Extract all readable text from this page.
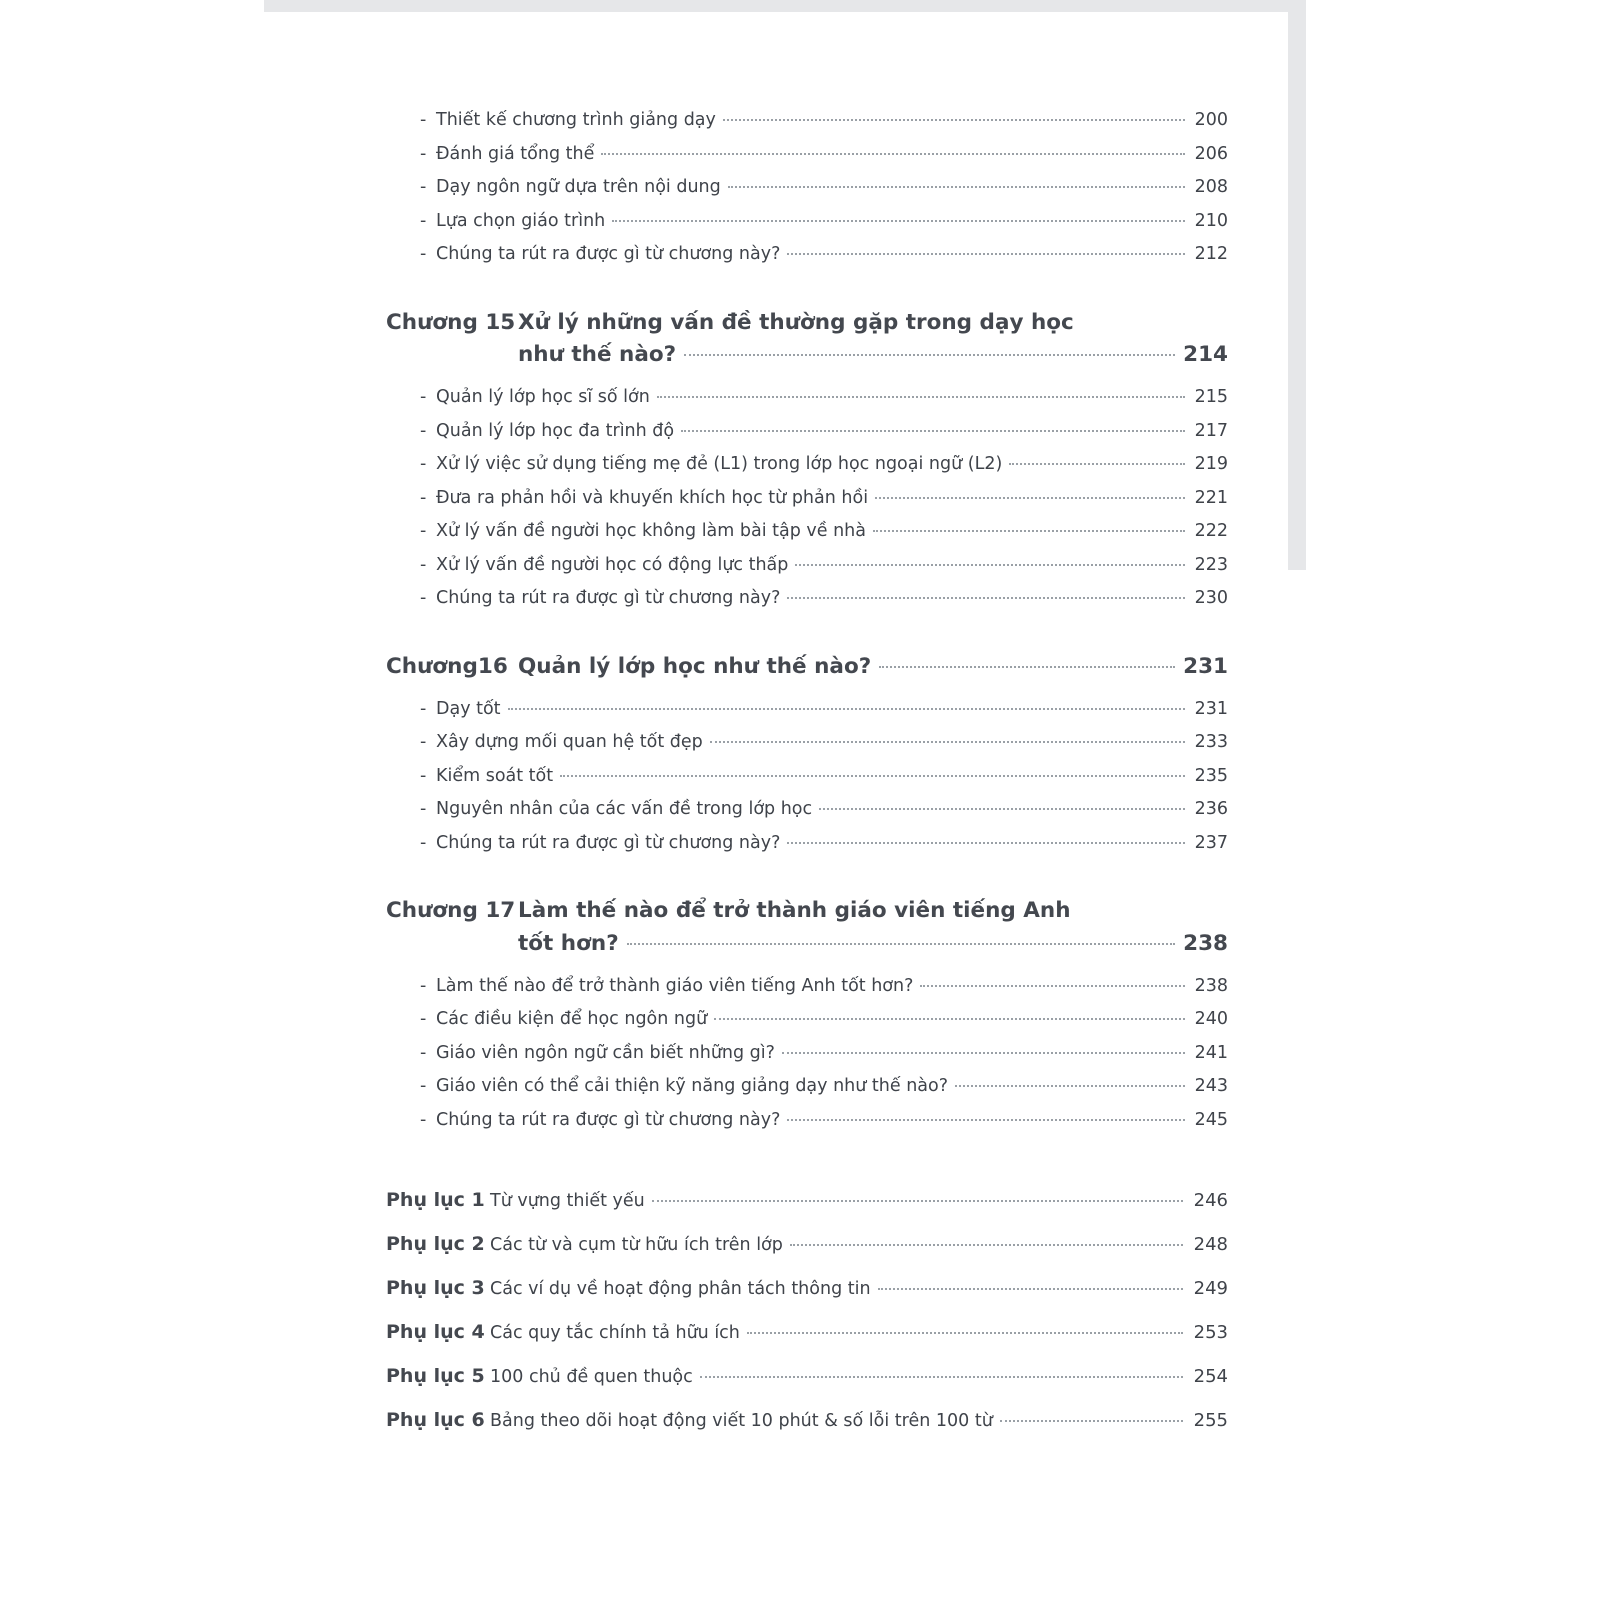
- Thiết kế chương trình giảng dạy	200
- Đánh giá tổng thể	206
- Dạy ngôn ngữ dựa trên nội dung	208
- Lựa chọn giáo trình	210
- Chúng ta rút ra được gì từ chương này?	212
Chương 15 Xử lý những vấn đề thường gặp trong dạy học
như thế nào?	214
- Quản lý lớp học sĩ số lớn	215
- Quản lý lớp học đa trình độ	217
- Xử lý việc sử dụng tiếng mẹ đẻ (L1) trong lớp học ngoại ngữ (L2)	219
- Đưa ra phản hồi và khuyến khích học từ phản hồi	221
- Xử lý vấn đề người học không làm bài tập về nhà	222
- Xử lý vấn đề người học có động lực thấp	223
- Chúng ta rút ra được gì từ chương này?	230
Chương16 Quản lý lớp học như thế nào?	231
- Dạy tốt	231
- Xây dựng mối quan hệ tốt đẹp	233
- Kiểm soát tốt	235
- Nguyên nhân của các vấn đề trong lớp học	236
- Chúng ta rút ra được gì từ chương này?	237
Chương 17 Làm thế nào để trở thành giáo viên tiếng Anh
tốt hơn?	238
- Làm thế nào để trở thành giáo viên tiếng Anh tốt hơn?	238
- Các điều kiện để học ngôn ngữ	240
- Giáo viên ngôn ngữ cần biết những gì?	241
- Giáo viên có thể cải thiện kỹ năng giảng dạy như thế nào?	243
- Chúng ta rút ra được gì từ chương này?	245
Phụ lục 1 Từ vựng thiết yếu	246
Phụ lục 2 Các từ và cụm từ hữu ích trên lớp	248
Phụ lục 3 Các ví dụ về hoạt động phân tách thông tin	249
Phụ lục 4 Các quy tắc chính tả hữu ích	253
Phụ lục 5 100 chủ đề quen thuộc	254
Phụ lục 6 Bảng theo dõi hoạt động viết 10 phút & số lỗi trên 100 từ	255
